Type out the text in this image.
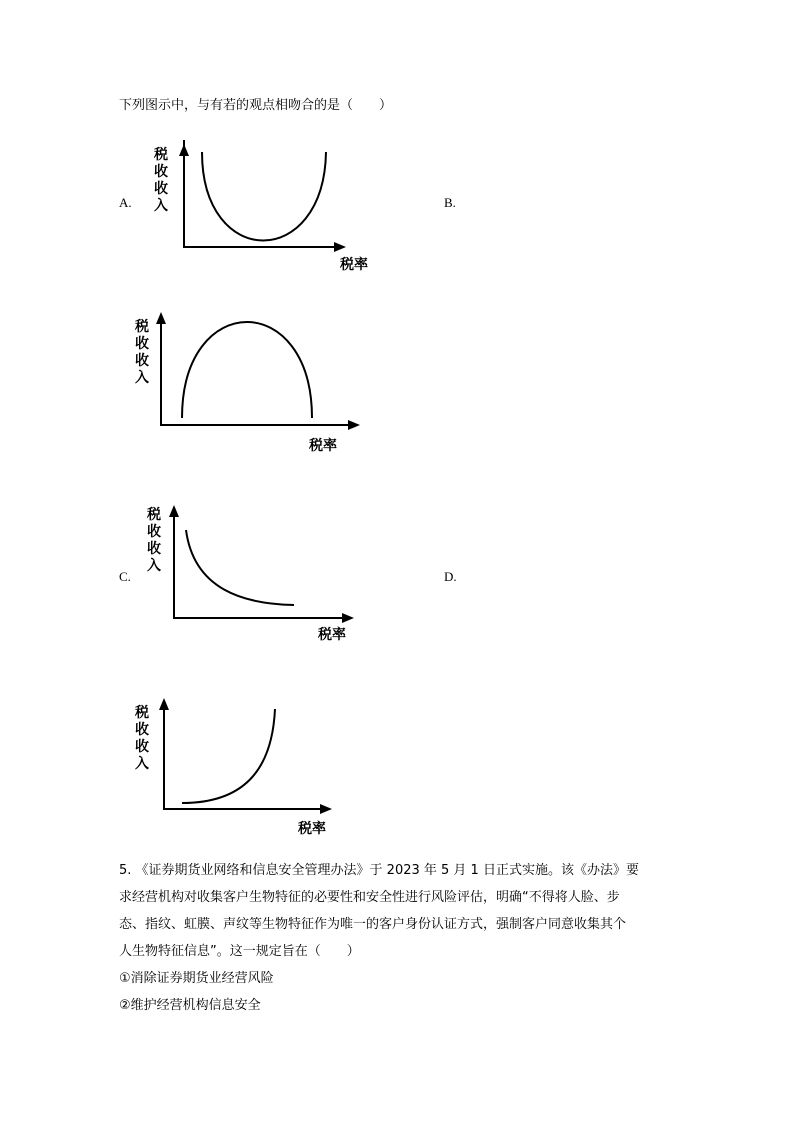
下列图示中，与有若的观点相吻合的是（　　）
A.	B.
C.	D.
税
收
收
入
税率
税
收
收
入
税率
税
收
收
入
税率
税
收
收
入
税率
5. 《证券期货业网络和信息安全管理办法》于 2023 年 5 月 1 日正式实施。该《办法》要
求经营机构对收集客户生物特征的必要性和安全性进行风险评估，明确“不得将人脸、步
态、指纹、虹膜、声纹等生物特征作为唯一的客户身份认证方式，强制客户同意收集其个
人生物特征信息”。这一规定旨在（　　）
①消除证券期货业经营风险
②维护经营机构信息安全
